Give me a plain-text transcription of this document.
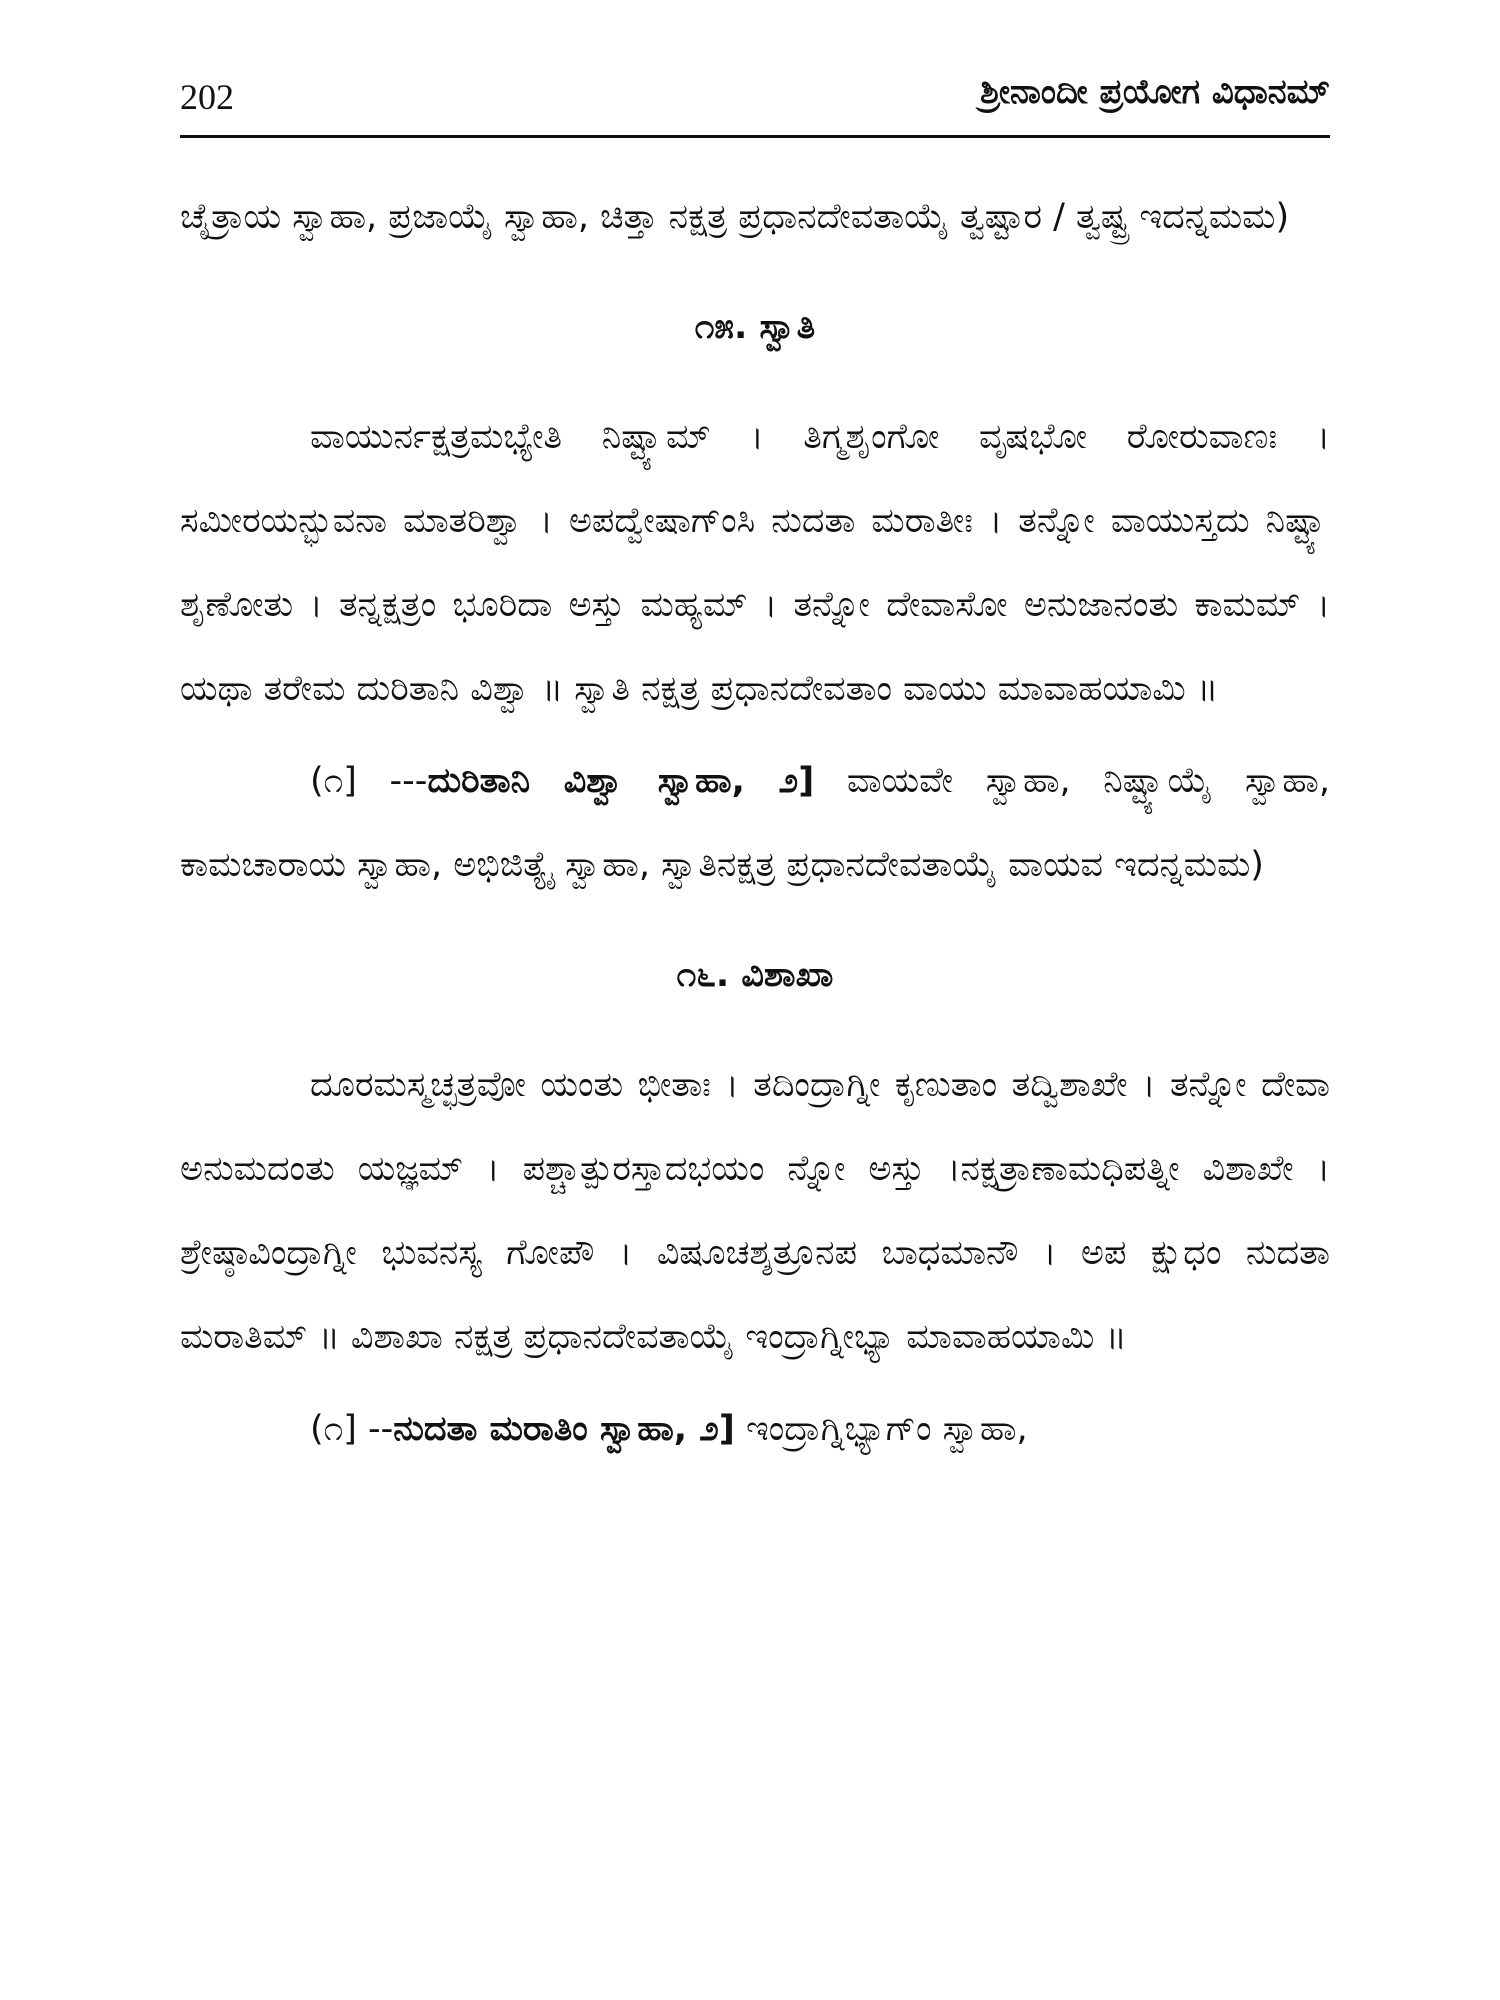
202	ಶ್ರೀನಾಂದೀ ಪ್ರಯೋಗ ವಿಧಾನಮ್

ಚೈತ್ರಾಯ ಸ್ವಾಹಾ, ಪ್ರಜಾಯೈ ಸ್ವಾಹಾ, ಚಿತ್ತಾ ನಕ್ಷತ್ರ ಪ್ರಧಾನದೇವತಾಯೈ ತ್ವಷ್ಟಾರ / ತ್ವಷ್ಟ್ರ ಇದನ್ನಮಮ)

೧೫. ಸ್ವಾತಿ

ವಾಯುರ್ನಕ್ಷತ್ರಮಭ್ಯೇತಿ ನಿಷ್ಟ್ಯಾಮ್ । ತಿಗ್ಮಶೃಂಗೋ ವೃಷಭೋ ರೋರುವಾಣಃ । ಸಮೀರಯನ್ಭುವನಾ ಮಾತರಿಶ್ವಾ । ಅಪದ್ವೇಷಾಗ್‌ಂಸಿ ನುದತಾ ಮರಾತೀಃ । ತನ್ನೋ ವಾಯುಸ್ತದು ನಿಷ್ಟ್ಯಾ ಶೃಣೋತು । ತನ್ನಕ್ಷತ್ರಂ ಭೂರಿದಾ ಅಸ್ತು ಮಹ್ಯಮ್ । ತನ್ನೋ ದೇವಾಸೋ ಅನುಜಾನಂತು ಕಾಮಮ್ । ಯಥಾ ತರೇಮ ದುರಿತಾನಿ ವಿಶ್ವಾ ॥ ಸ್ವಾತಿ ನಕ್ಷತ್ರ ಪ್ರಧಾನದೇವತಾಂ ವಾಯು ಮಾವಾಹಯಾಮಿ ॥

(೧] ---ದುರಿತಾನಿ ವಿಶ್ವಾ ಸ್ವಾಹಾ, ೨] ವಾಯವೇ ಸ್ವಾಹಾ, ನಿಷ್ಟ್ಯಾಯೈ ಸ್ವಾಹಾ, ಕಾಮಚಾರಾಯ ಸ್ವಾಹಾ, ಅಭಿಜಿತ್ಯೈ ಸ್ವಾಹಾ, ಸ್ವಾತಿನಕ್ಷತ್ರ ಪ್ರಧಾನದೇವತಾಯೈ ವಾಯವ ಇದನ್ನಮಮ)

೧೬. ವಿಶಾಖಾ

ದೂರಮಸ್ಮಚ್ಛತ್ರವೋ ಯಂತು ಭೀತಾಃ । ತದಿಂದ್ರಾಗ್ನೀ ಕೃಣುತಾಂ ತದ್ವಿಶಾಖೇ । ತನ್ನೋ ದೇವಾ ಅನುಮದಂತು ಯಜ್ಞಮ್ । ಪಶ್ಚಾತ್ಪುರಸ್ತಾದಭಯಂ ನ್ನೋ ಅಸ್ತು ।ನಕ್ಷತ್ರಾಣಾಮಧಿಪತ್ನೀ ವಿಶಾಖೇ । ಶ್ರೇಷ್ಠಾವಿಂದ್ರಾಗ್ನೀ ಭುವನಸ್ಯ ಗೋಪೌ । ವಿಷೂಚಶ್ಶತ್ರೂನಪ ಬಾಧಮಾನೌ । ಅಪ ಕ್ಷುಧಂ ನುದತಾ ಮರಾತಿಮ್ ॥ ವಿಶಾಖಾ ನಕ್ಷತ್ರ ಪ್ರಧಾನದೇವತಾಯೈ ಇಂದ್ರಾಗ್ನೀಭ್ಯಾ ಮಾವಾಹಯಾಮಿ ॥

(೧] --ನುದತಾ ಮರಾತಿಂ ಸ್ವಾಹಾ, ೨] ಇಂದ್ರಾಗ್ನಿಭ್ಯಾಗ್‌ಂ ಸ್ವಾಹಾ,
